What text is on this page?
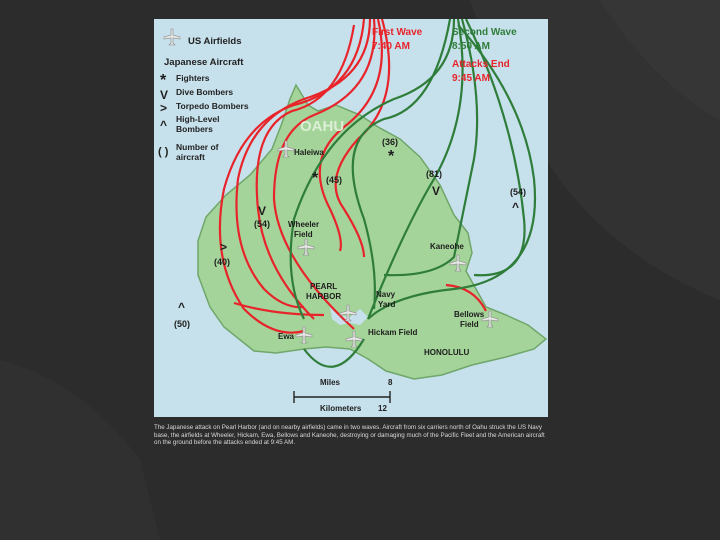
US Airfields
Japanese Aircraft
* Fighters
V Dive Bombers
> Torpedo Bombers
^ High-Level
Bombers
( ) Number of
aircraft
First Wave
7:40 AM
Second Wave
8:50 AM
Attacks End
9:45 AM
OAHU
Haleiwa
Wheeler
Field
Kaneohe
PEARL
HARBOR	Navy
Yard
Bellows
Field
Ewa	Hickam Field
HONOLULU
(36)
*
* (45)
(81)
V	(54)
^
V
(54)
>
(40)
^
(50)
Miles	8
Kilometers 12

The Japanese attack on Pearl Harbor (and on nearby airfields) came in two waves. Aircraft from six carriers north of Oahu struck the US Navy base, the airfields at Wheeler, Hickam, Ewa, Bellows and Kaneohe, destroying or damaging much of the Pacific Fleet and the American aircraft on the ground before the attacks ended at 9:45 AM.
